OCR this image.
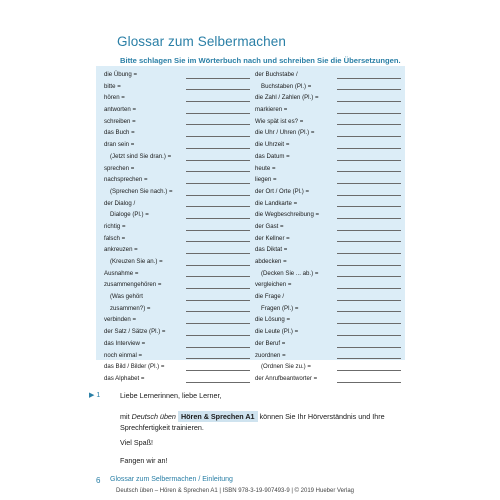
Glossar zum Selbermachen
Bitte schlagen Sie im Wörterbuch nach und schreiben Sie die Übersetzungen.
die Übung =
bitte =
hören =
antworten =
schreiben =
das Buch =
dran sein =
(Jetzt sind Sie dran.) =
sprechen =
nachsprechen =
(Sprechen Sie nach.) =
der Dialog /
Dialoge (Pl.) =
richtig =
falsch =
ankreuzen =
(Kreuzen Sie an.) =
Ausnahme =
zusammengehören =
(Was gehört
zusammen?) =
verbinden =
der Satz / Sätze (Pl.) =
das Interview =
noch einmal =
das Bild / Bilder (Pl.) =
das Alphabet =
der Buchstabe /
Buchstaben (Pl.) =
die Zahl / Zahlen (Pl.) =
markieren =
Wie spät ist es? =
die Uhr / Uhren (Pl.) =
die Uhrzeit =
das Datum =
heute =
liegen =
der Ort / Orte (Pl.) =
die Landkarte =
die Wegbeschreibung =
der Gast =
der Kellner =
das Diktat =
abdecken =
(Decken Sie ... ab.) =
vergleichen =
die Frage /
Fragen (Pl.) =
die Lösung =
die Leute (Pl.) =
der Beruf =
zuordnen =
(Ordnen Sie zu.) =
der Anrufbeantworter =
▶ 1	Liebe Lernerinnen, liebe Lerner,
mit Deutsch üben Hören & Sprechen A1 können Sie Ihr Hörverständnis und Ihre Sprechfertigkeit trainieren.
Viel Spaß!
Fangen wir an!
6 Glossar zum Selbermachen / Einleitung
Deutsch üben – Hören & Sprechen A1 | ISBN 978-3-19-907493-9 | © 2019 Hueber Verlag
